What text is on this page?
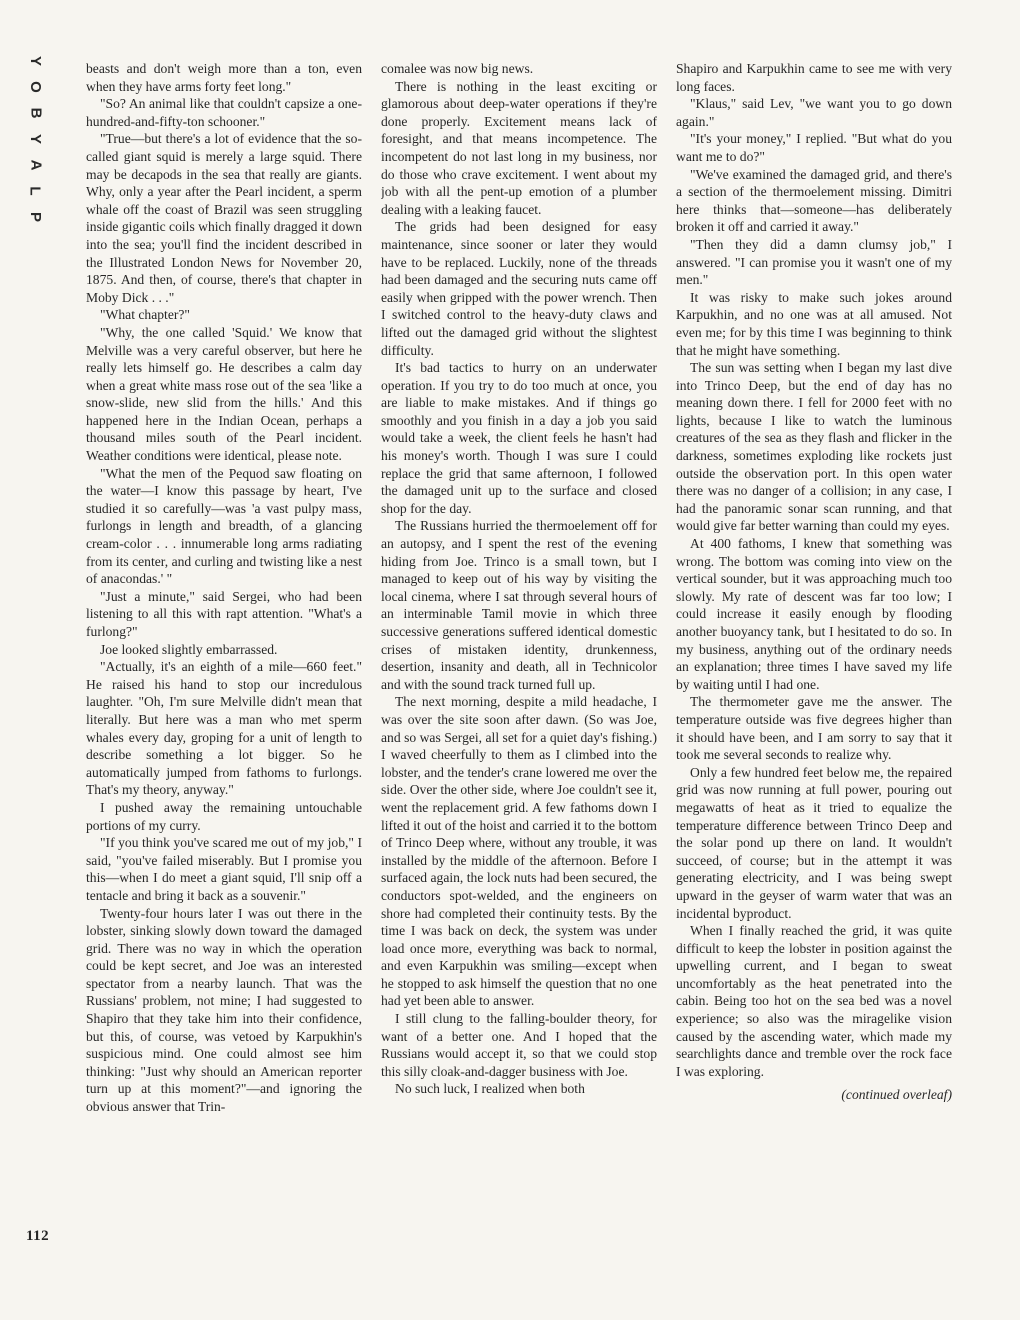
Y
O
B
Y
A
L
P
112

beasts and don't weigh more than a ton, even when they have arms forty feet long."

"So? An animal like that couldn't capsize a one-hundred-and-fifty-ton schooner."

"True—but there's a lot of evidence that the so-called giant squid is merely a large squid. There may be decapods in the sea that really are giants. Why, only a year after the Pearl incident, a sperm whale off the coast of Brazil was seen struggling inside gigantic coils which finally dragged it down into the sea; you'll find the incident described in the Illustrated London News for November 20, 1875. And then, of course, there's that chapter in Moby Dick . . ."

"What chapter?"

"Why, the one called 'Squid.' We know that Melville was a very careful observer, but here he really lets himself go. He describes a calm day when a great white mass rose out of the sea 'like a snow-slide, new slid from the hills.' And this happened here in the Indian Ocean, perhaps a thousand miles south of the Pearl incident. Weather conditions were identical, please note.

"What the men of the Pequod saw floating on the water—I know this passage by heart, I've studied it so carefully—was 'a vast pulpy mass, furlongs in length and breadth, of a glancing cream-color . . . innumerable long arms radiating from its center, and curling and twisting like a nest of anacondas.' "

"Just a minute," said Sergei, who had been listening to all this with rapt attention. "What's a furlong?"

Joe looked slightly embarrassed.

"Actually, it's an eighth of a mile—660 feet." He raised his hand to stop our incredulous laughter. "Oh, I'm sure Melville didn't mean that literally. But here was a man who met sperm whales every day, groping for a unit of length to describe something a lot bigger. So he automatically jumped from fathoms to furlongs. That's my theory, anyway."

I pushed away the remaining untouchable portions of my curry.

"If you think you've scared me out of my job," I said, "you've failed miserably. But I promise you this—when I do meet a giant squid, I'll snip off a tentacle and bring it back as a souvenir."

Twenty-four hours later I was out there in the lobster, sinking slowly down toward the damaged grid. There was no way in which the operation could be kept secret, and Joe was an interested spectator from a nearby launch. That was the Russians' problem, not mine; I had suggested to Shapiro that they take him into their confidence, but this, of course, was vetoed by Karpukhin's suspicious mind. One could almost see him thinking: "Just why should an American reporter turn up at this moment?"—and ignoring the obvious answer that Trin-

comalee was now big news.

There is nothing in the least exciting or glamorous about deep-water operations if they're done properly. Excitement means lack of foresight, and that means incompetence. The incompetent do not last long in my business, nor do those who crave excitement. I went about my job with all the pent-up emotion of a plumber dealing with a leaking faucet.

The grids had been designed for easy maintenance, since sooner or later they would have to be replaced. Luckily, none of the threads had been damaged and the securing nuts came off easily when gripped with the power wrench. Then I switched control to the heavy-duty claws and lifted out the damaged grid without the slightest difficulty.

It's bad tactics to hurry on an underwater operation. If you try to do too much at once, you are liable to make mistakes. And if things go smoothly and you finish in a day a job you said would take a week, the client feels he hasn't had his money's worth. Though I was sure I could replace the grid that same afternoon, I followed the damaged unit up to the surface and closed shop for the day.

The Russians hurried the thermoelement off for an autopsy, and I spent the rest of the evening hiding from Joe. Trinco is a small town, but I managed to keep out of his way by visiting the local cinema, where I sat through several hours of an interminable Tamil movie in which three successive generations suffered identical domestic crises of mistaken identity, drunkenness, desertion, insanity and death, all in Technicolor and with the sound track turned full up.

The next morning, despite a mild headache, I was over the site soon after dawn. (So was Joe, and so was Sergei, all set for a quiet day's fishing.) I waved cheerfully to them as I climbed into the lobster, and the tender's crane lowered me over the side. Over the other side, where Joe couldn't see it, went the replacement grid. A few fathoms down I lifted it out of the hoist and carried it to the bottom of Trinco Deep where, without any trouble, it was installed by the middle of the afternoon. Before I surfaced again, the lock nuts had been secured, the conductors spot-welded, and the engineers on shore had completed their continuity tests. By the time I was back on deck, the system was under load once more, everything was back to normal, and even Karpukhin was smiling—except when he stopped to ask himself the question that no one had yet been able to answer.

I still clung to the falling-boulder theory, for want of a better one. And I hoped that the Russians would accept it, so that we could stop this silly cloak-and-dagger business with Joe.

No such luck, I realized when both

Shapiro and Karpukhin came to see me with very long faces.

"Klaus," said Lev, "we want you to go down again."

"It's your money," I replied. "But what do you want me to do?"

"We've examined the damaged grid, and there's a section of the thermoelement missing. Dimitri here thinks that—someone—has deliberately broken it off and carried it away."

"Then they did a damn clumsy job," I answered. "I can promise you it wasn't one of my men."

It was risky to make such jokes around Karpukhin, and no one was at all amused. Not even me; for by this time I was beginning to think that he might have something.

The sun was setting when I began my last dive into Trinco Deep, but the end of day has no meaning down there. I fell for 2000 feet with no lights, because I like to watch the luminous creatures of the sea as they flash and flicker in the darkness, sometimes exploding like rockets just outside the observation port. In this open water there was no danger of a collision; in any case, I had the panoramic sonar scan running, and that would give far better warning than could my eyes.

At 400 fathoms, I knew that something was wrong. The bottom was coming into view on the vertical sounder, but it was approaching much too slowly. My rate of descent was far too low; I could increase it easily enough by flooding another buoyancy tank, but I hesitated to do so. In my business, anything out of the ordinary needs an explanation; three times I have saved my life by waiting until I had one.

The thermometer gave me the answer. The temperature outside was five degrees higher than it should have been, and I am sorry to say that it took me several seconds to realize why.

Only a few hundred feet below me, the repaired grid was now running at full power, pouring out megawatts of heat as it tried to equalize the temperature difference between Trinco Deep and the solar pond up there on land. It wouldn't succeed, of course; but in the attempt it was generating electricity, and I was being swept upward in the geyser of warm water that was an incidental byproduct.

When I finally reached the grid, it was quite difficult to keep the lobster in position against the upwelling current, and I began to sweat uncomfortably as the heat penetrated into the cabin. Being too hot on the sea bed was a novel experience; so also was the miragelike vision caused by the ascending water, which made my searchlights dance and tremble over the rock face I was exploring.

(continued overleaf)
